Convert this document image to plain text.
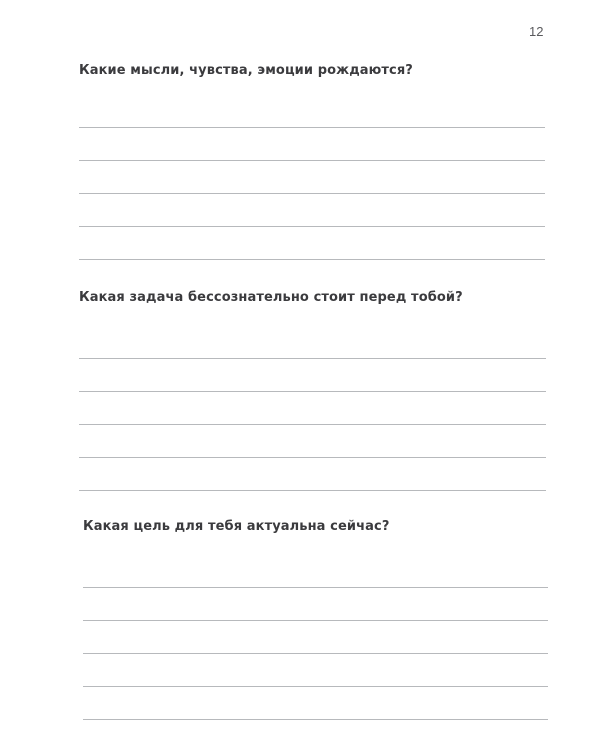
12
Какие мысли, чувства, эмоции рождаются?
Какая задача бессознательно стоит перед тобой?
Какая цель для тебя актуальна сейчас?
